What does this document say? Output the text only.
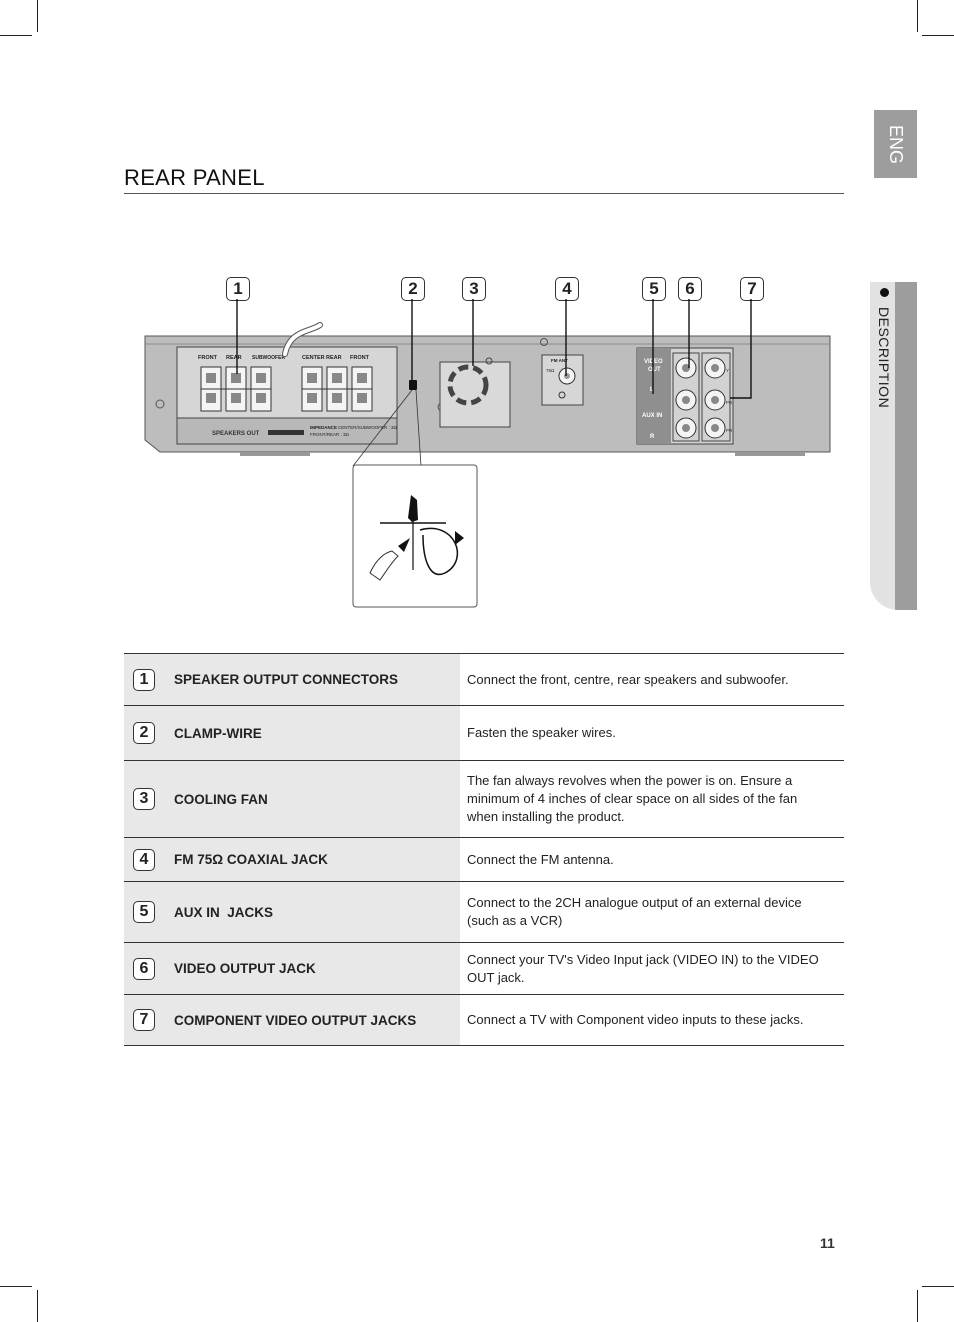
ENG
DESCRIPTION
REAR PANEL
1	2	3	4	5	6	7
FRONT REAR SUBWOOFER	CENTER REAR FRONT
SPEAKERS OUT
IMPEDANCE CENTER/SUBWOOFER : 3Ω
FRONT/REAR : 3Ω
FM ANT
75Ω
VIDEO
OUT
L
AUX IN
R
Y
PB
PR
1 SPEAKER OUTPUT CONNECTORS	Connect the front, centre, rear speakers and subwoofer.

2 CLAMP-WIRE	Fasten the speaker wires.

3 COOLING FAN	The fan always revolves when the power is on. Ensure a minimum of 4 inches of clear space on all sides of the fan when installing the product.

4 FM 75Ω COAXIAL JACK	Connect the FM antenna.

5 AUX IN  JACKS	Connect to the 2CH analogue output of an external device (such as a VCR)

6 VIDEO OUTPUT JACK	Connect your TV's Video Input jack (VIDEO IN) to the VIDEO OUT jack.

7 COMPONENT VIDEO OUTPUT JACKS	Connect a TV with Component video inputs to these jacks.
11
